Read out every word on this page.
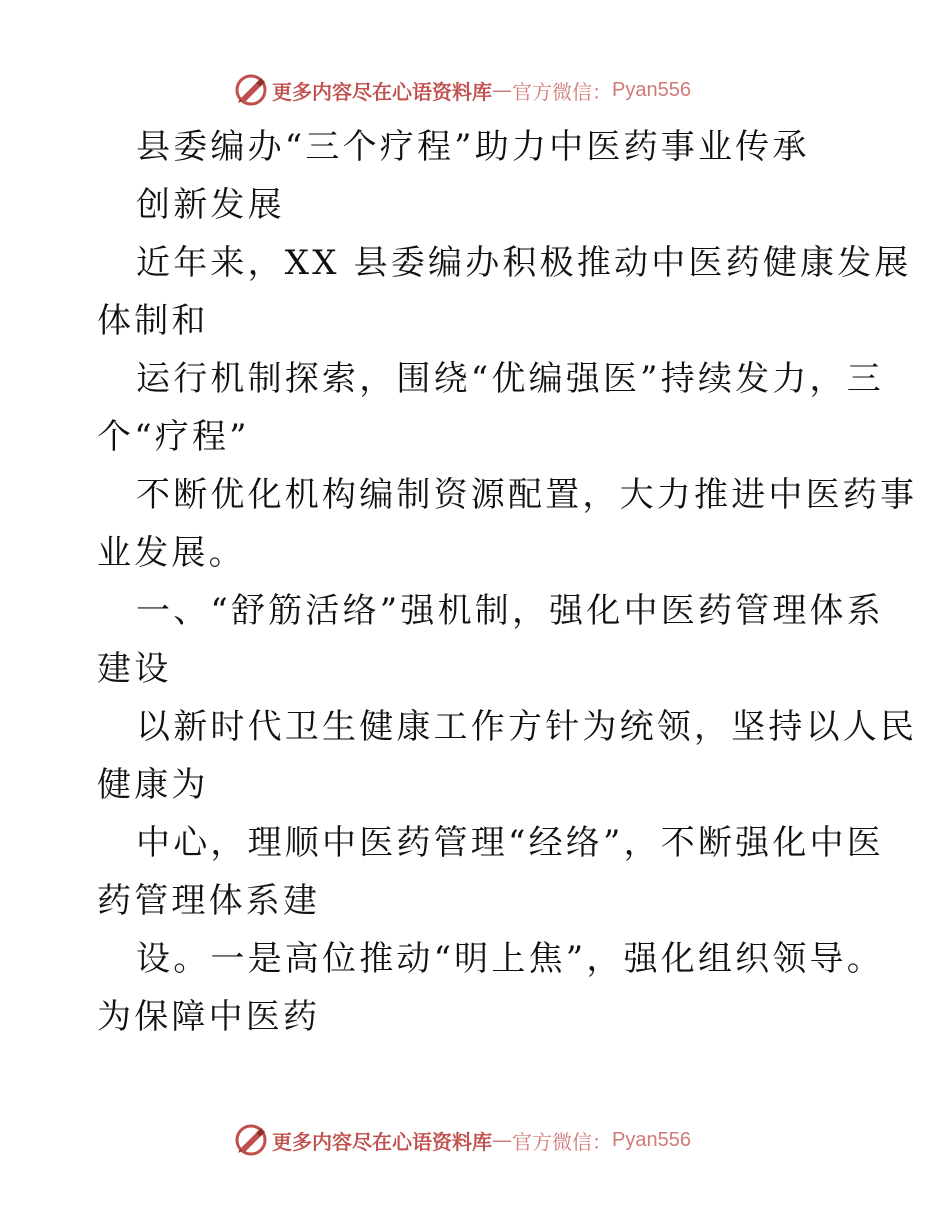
更多内容尽在心语资料库 — 官方微信： Pyan556
县委编办“三个疗程”助力中医药事业传承
创新发展
近年来，XX 县委编办积极推动中医药健康发展
体制和
运行机制探索，围绕“优编强医”持续发力，三
个“疗程”
不断优化机构编制资源配置，大力推进中医药事
业发展。
一、“舒筋活络”强机制，强化中医药管理体系
建设
以新时代卫生健康工作方针为统领，坚持以人民
健康为
中心，理顺中医药管理“经络”，不断强化中医
药管理体系建
设。一是高位推动“明上焦”，强化组织领导。
为保障中医药
更多内容尽在心语资料库 — 官方微信： Pyan556
